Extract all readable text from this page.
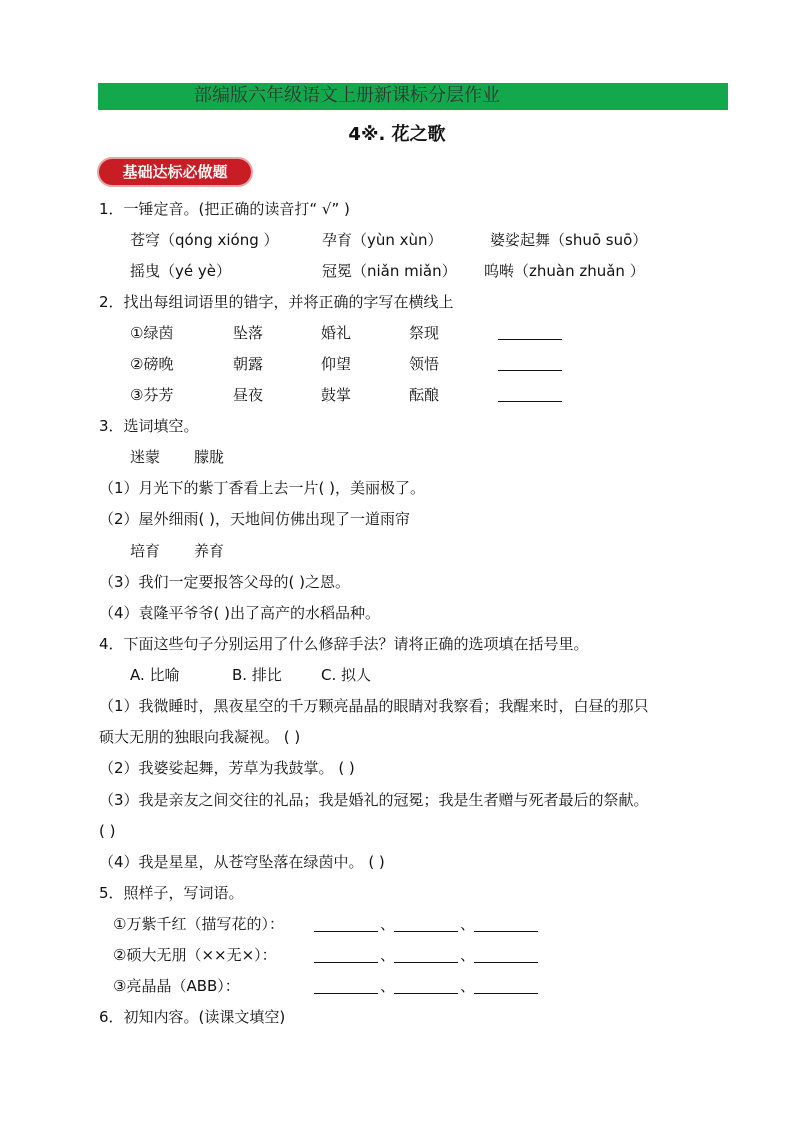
部编版六年级语文上册新课标分层作业
4※. 花之歌
基础达标必做题
1．一锤定音。(把正确的读音打“ √” )
苍穹（qóng xióng ）	孕育（yùn xùn）	婆娑起舞（shuō suō）
摇曳（yé yè）	冠冕（niǎn miǎn） 呜啭（zhuàn zhuǎn ）
2．找出每组词语里的错字，并将正确的字写在横线上
①绿茵	坠落	婚礼	祭现
②磅晚	朝露	仰望	领悟
③芬芳	昼夜	鼓掌	酝酿
3．选词填空。
迷蒙 朦胧
（1）月光下的紫丁香看上去一片( )，美丽极了。
（2）屋外细雨( )，天地间仿佛出现了一道雨帘
培育 养育
（3）我们一定要报答父母的( )之恩。
（4）袁隆平爷爷( )出了高产的水稻品种。
4．下面这些句子分别运用了什么修辞手法？请将正确的选项填在括号里。
A. 比喻	B. 排比	C. 拟人
（1）我微睡时，黑夜星空的千万颗亮晶晶的眼睛对我察看；我醒来时，白昼的那只
硕大无朋的独眼向我凝视。 ( )
（2）我婆娑起舞，芳草为我鼓掌。 ( )
（3）我是亲友之间交往的礼品；我是婚礼的冠冕；我是生者赠与死者最后的祭献。
( )
（4）我是星星，从苍穹坠落在绿茵中。 ( )
5．照样子，写词语。
①万紫千红（描写花的）：	、	、
②硕大无朋（××无×）：	、	、
③亮晶晶（ABB）：	、	、
6．初知内容。(读课文填空)
